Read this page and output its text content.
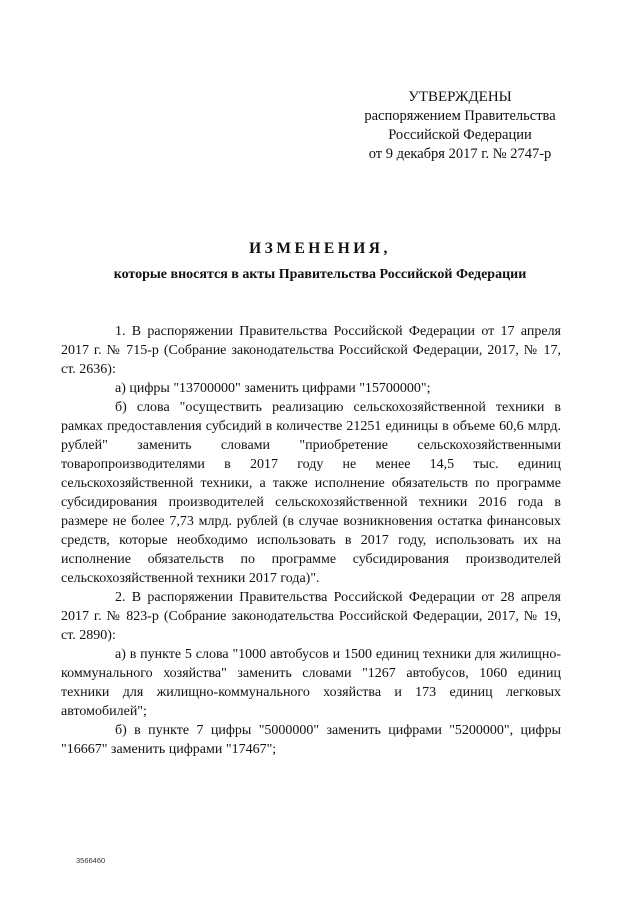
УТВЕРЖДЕНЫ
распоряжением Правительства
Российской Федерации
от 9 декабря 2017 г. № 2747-р
ИЗМЕНЕНИЯ,
которые вносятся в акты Правительства Российской Федерации

1. В распоряжении Правительства Российской Федерации от 17 апреля 2017 г. № 715-р (Собрание законодательства Российской Федерации, 2017, № 17, ст. 2636):

а) цифры "13700000" заменить цифрами "15700000";

б) слова "осуществить реализацию сельскохозяйственной техники в рамках предоставления субсидий в количестве 21251 единицы в объеме 60,6 млрд. рублей" заменить словами "приобретение сельскохозяйственными товаропроизводителями в 2017 году не менее 14,5 тыс. единиц сельскохозяйственной техники, а также исполнение обязательств по программе субсидирования производителей сельскохозяйственной техники 2016 года в размере не более 7,73 млрд. рублей (в случае возникновения остатка финансовых средств, которые необходимо использовать в 2017 году, использовать их на исполнение обязательств по программе субсидирования производителей сельскохозяйственной техники 2017 года)".

2. В распоряжении Правительства Российской Федерации от 28 апреля 2017 г. № 823-р (Собрание законодательства Российской Федерации, 2017, № 19, ст. 2890):

а) в пункте 5 слова "1000 автобусов и 1500 единиц техники для жилищно-коммунального хозяйства" заменить словами "1267 автобусов, 1060 единиц техники для жилищно-коммунального хозяйства и 173 единиц легковых автомобилей";

б) в пункте 7 цифры "5000000" заменить цифрами "5200000", цифры "16667" заменить цифрами "17467";

3566460
